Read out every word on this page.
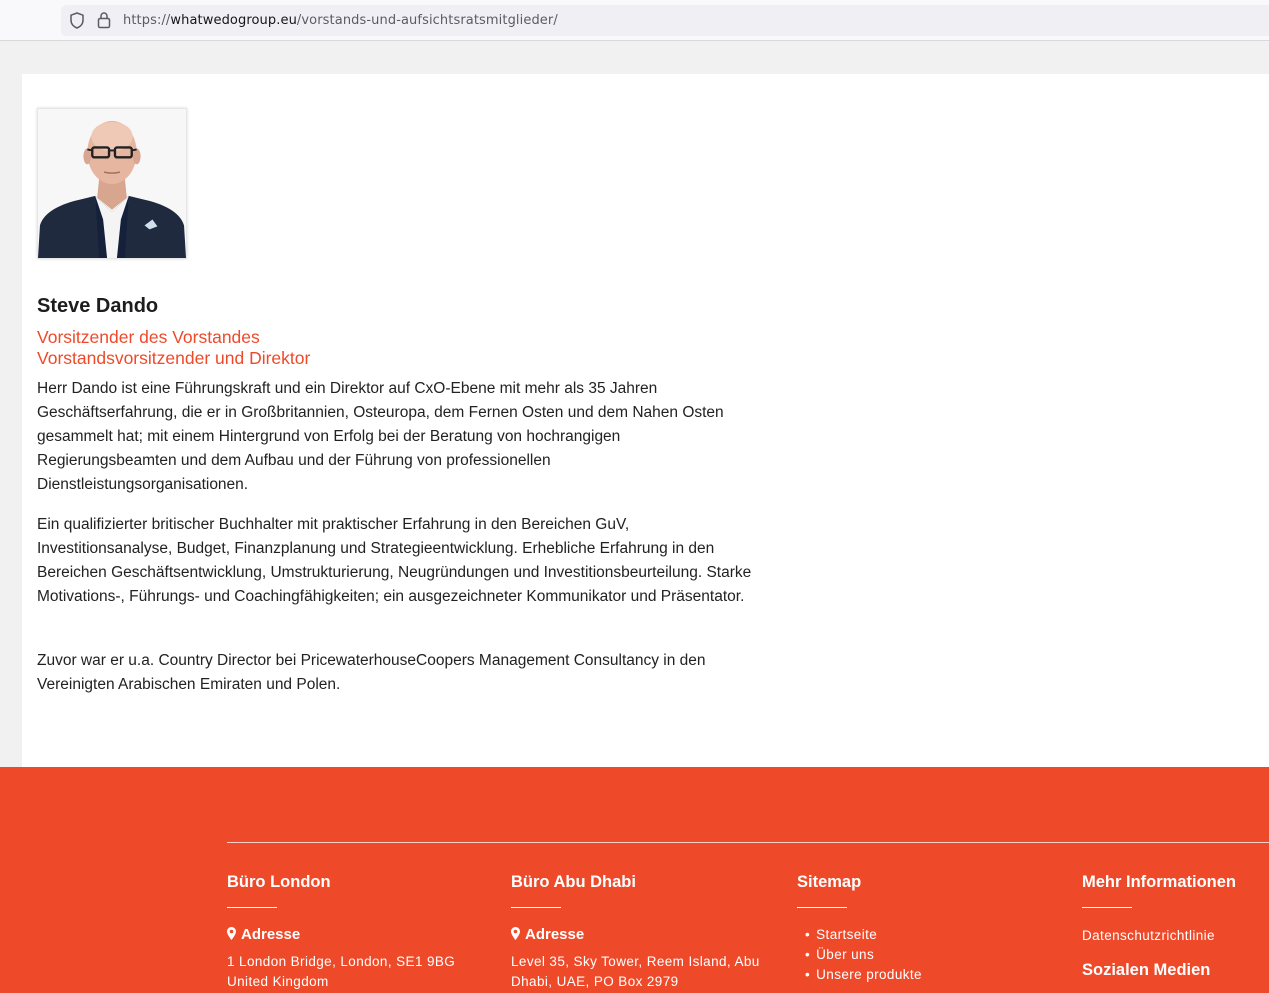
https://whatwedogroup.eu/vorstands-und-aufsichtsratsmitglieder/
Steve Dando
Vorsitzender des Vorstandes
Vorstandsvorsitzender und Direktor

Herr Dando ist eine Führungskraft und ein Direktor auf CxO-Ebene mit mehr als 35 Jahren Geschäftserfahrung, die er in Großbritannien, Osteuropa, dem Fernen Osten und dem Nahen Osten gesammelt hat; mit einem Hintergrund von Erfolg bei der Beratung von hochrangigen Regierungsbeamten und dem Aufbau und der Führung von professionellen Dienstleistungsorganisationen.

Ein qualifizierter britischer Buchhalter mit praktischer Erfahrung in den Bereichen GuV, Investitionsanalyse, Budget, Finanzplanung und Strategieentwicklung. Erhebliche Erfahrung in den Bereichen Geschäftsentwicklung, Umstrukturierung, Neugründungen und Investitionsbeurteilung. Starke Motivations-, Führungs- und Coachingfähigkeiten; ein ausgezeichneter Kommunikator und Präsentator.

Zuvor war er u.a. Country Director bei PricewaterhouseCoopers Management Consultancy in den Vereinigten Arabischen Emiraten und Polen.

Büro London
Adresse
1 London Bridge, London, SE1 9BG
United Kingdom
Büro Abu Dhabi
Adresse
Level 35, Sky Tower, Reem Island, Abu
Dhabi, UAE, PO Box 2979
Sitemap
• Startseite
• Über uns
• Unsere produkte
Mehr Informationen
Datenschutzrichtlinie
Sozialen Medien
